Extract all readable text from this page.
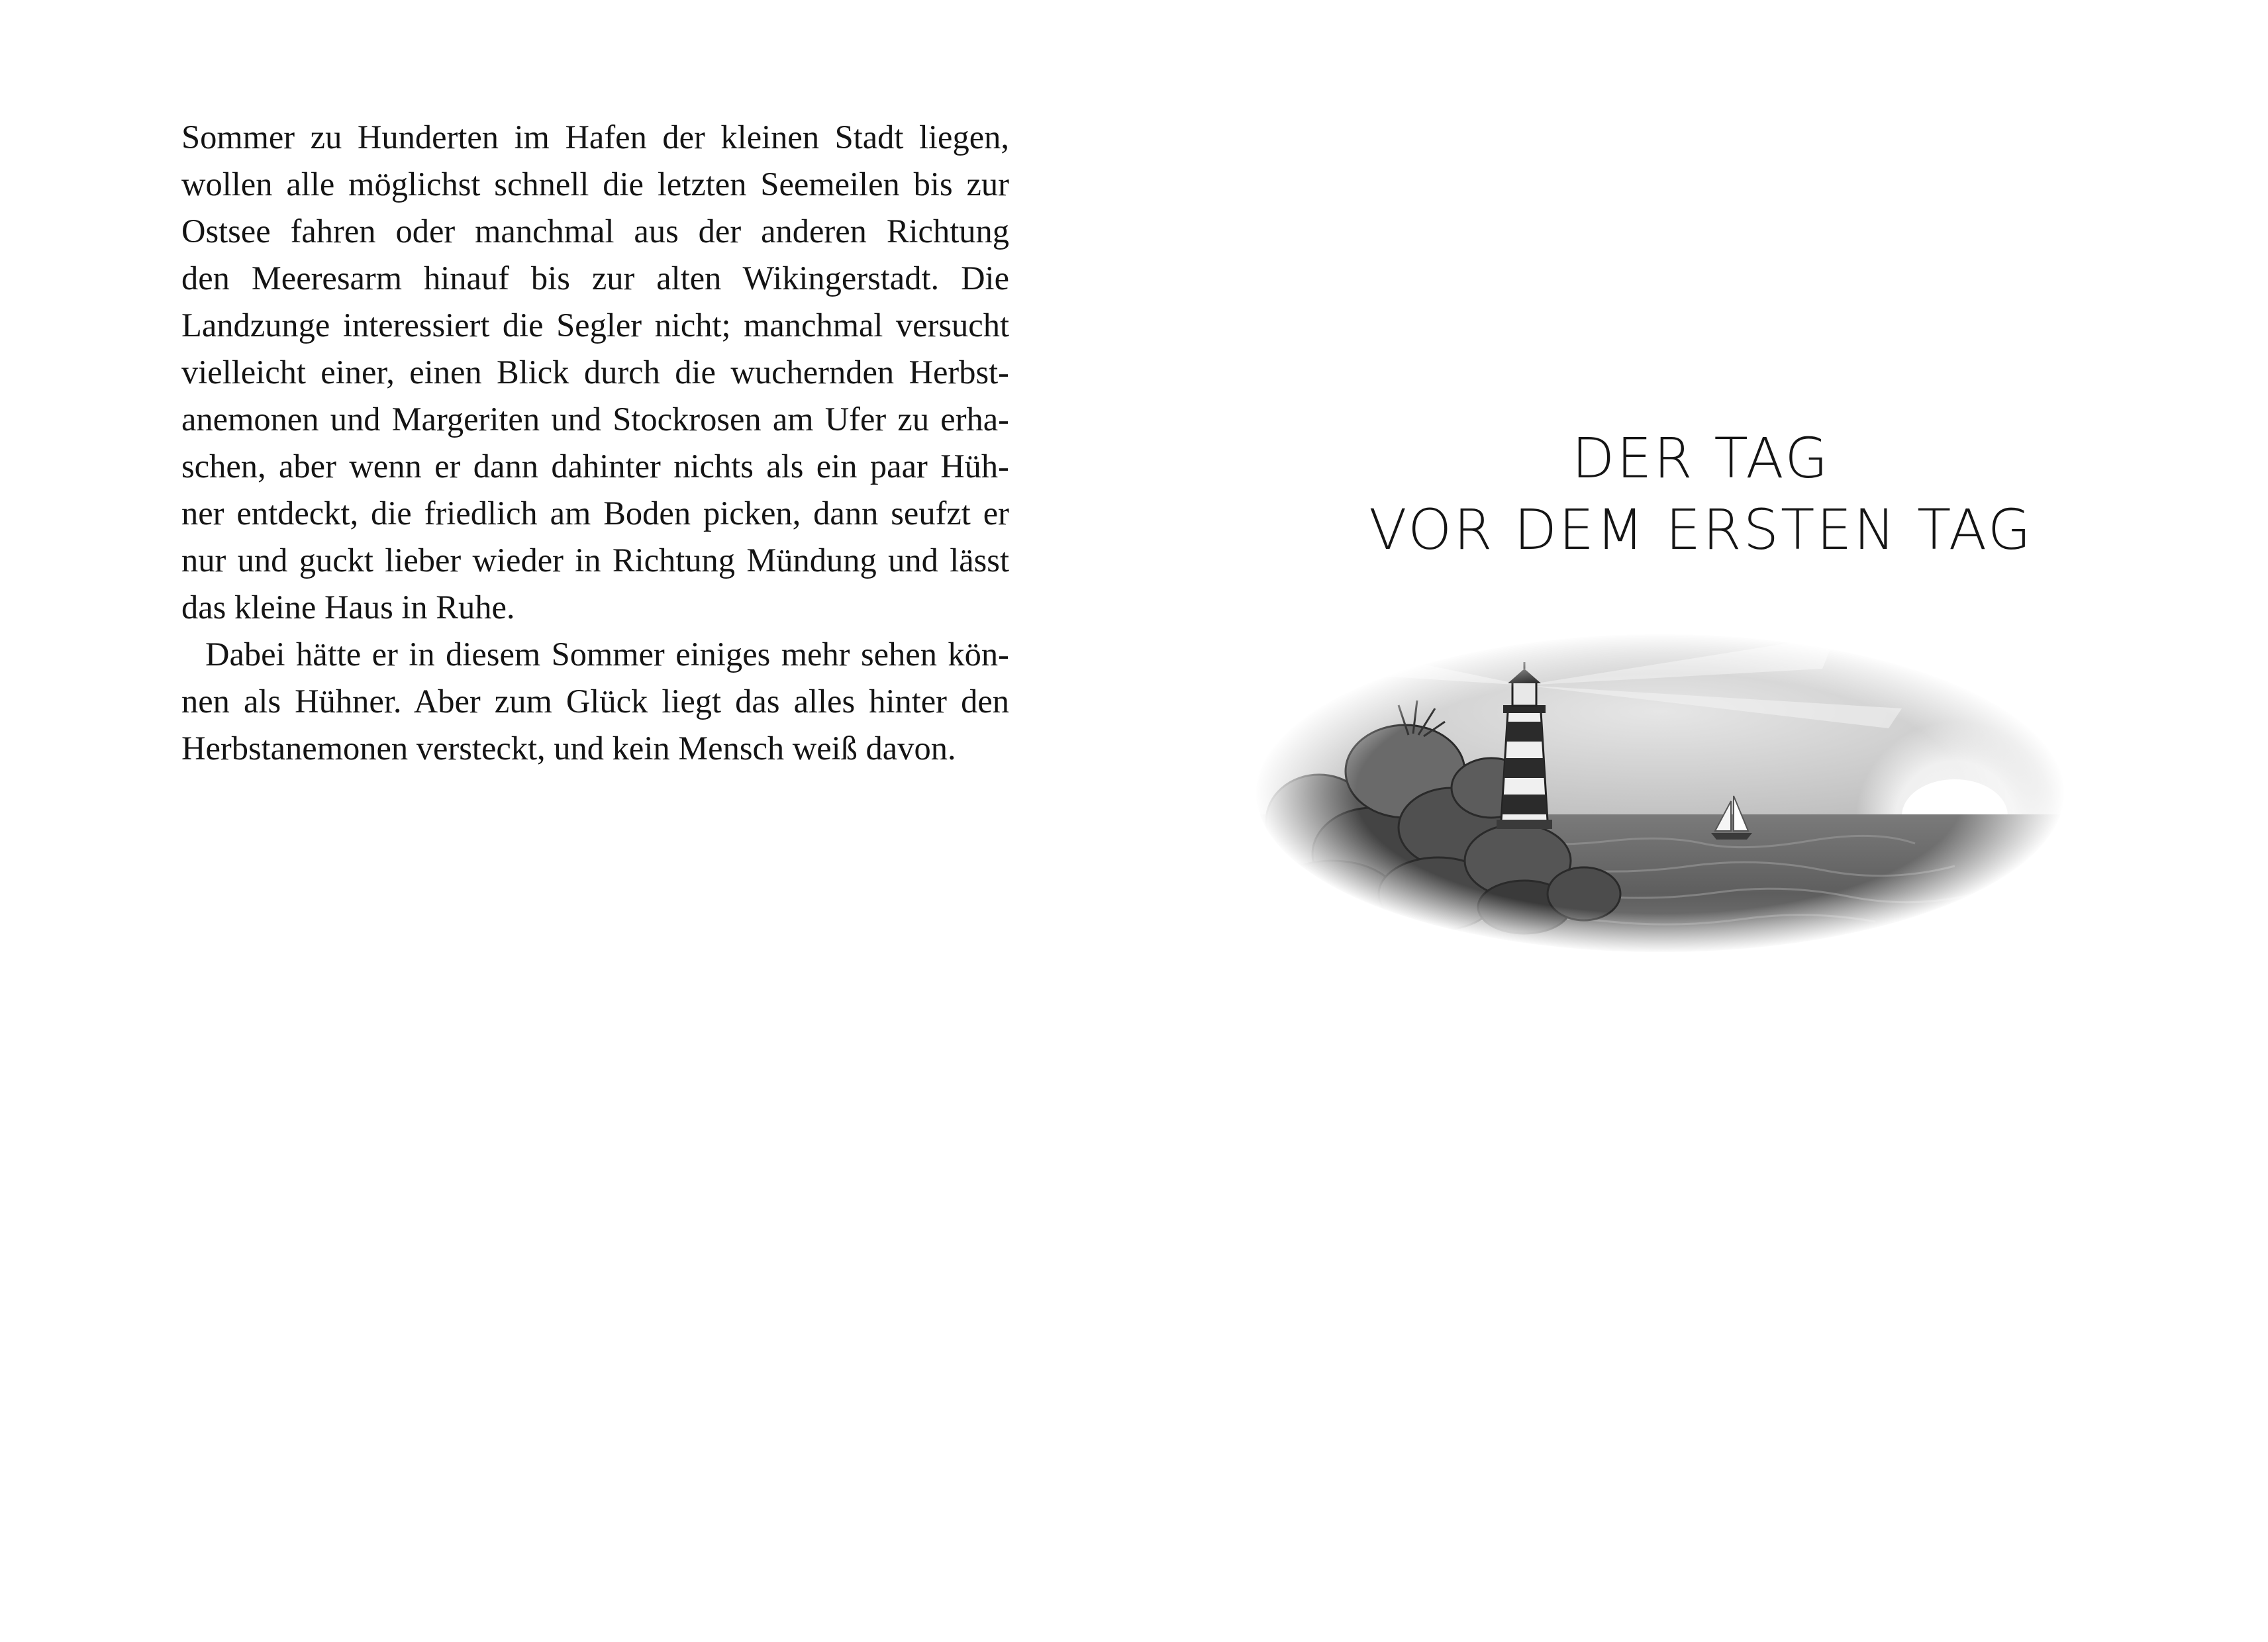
Sommer zu Hunderten im Hafen der kleinen Stadt liegen,
wollen alle möglichst schnell die letzten Seemeilen bis zur
Ostsee fahren oder manchmal aus der anderen Richtung
den Meeresarm hinauf bis zur alten Wikingerstadt. Die
Landzunge interessiert die Segler nicht; manchmal versucht
vielleicht einer, einen Blick durch die wuchernden Herbst-
anemonen und Margeriten und Stockrosen am Ufer zu erha-
schen, aber wenn er dann dahinter nichts als ein paar Hüh-
ner entdeckt, die friedlich am Boden picken, dann seufzt er
nur und guckt lieber wieder in Richtung Mündung und lässt
das kleine Haus in Ruhe.

Dabei hätte er in diesem Sommer einiges mehr sehen kön-
nen als Hühner. Aber zum Glück liegt das alles hinter den
Herbstanemonen versteckt, und kein Mensch weiß davon.

DER TAG
VOR DEM ERSTEN TAG
